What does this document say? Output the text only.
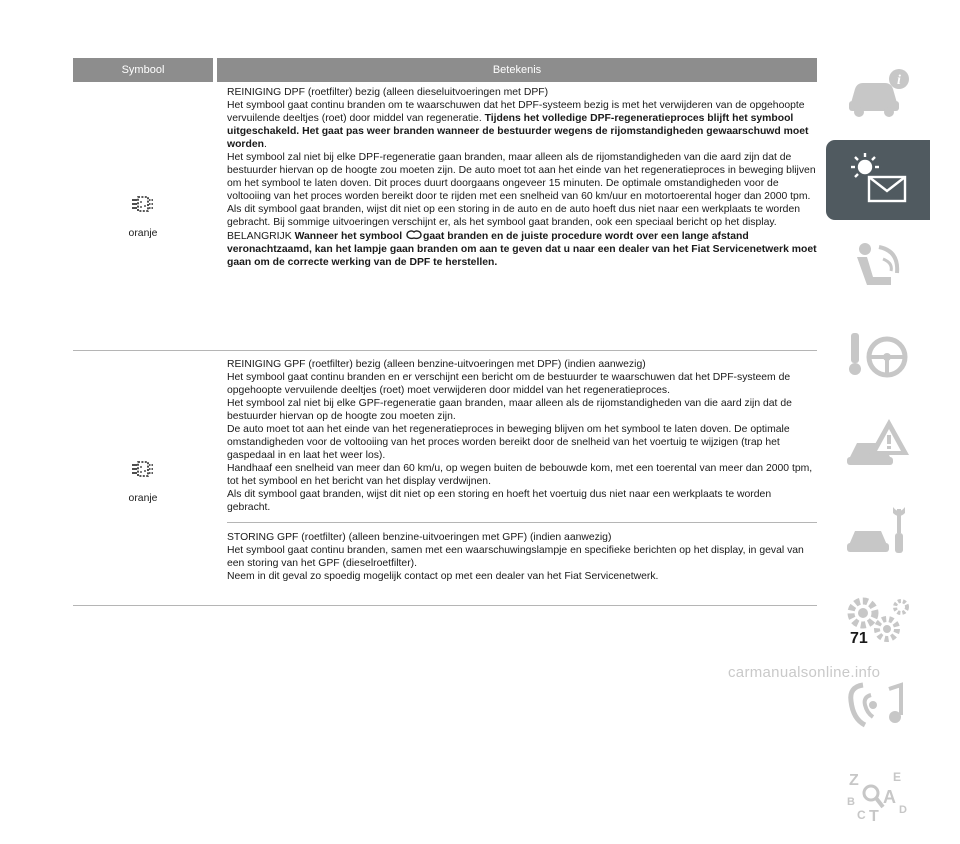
Symbool	Betekenis
oranje

REINIGING DPF (roetfilter) bezig (alleen dieseluitvoeringen met DPF)

Het symbool gaat continu branden om te waarschuwen dat het DPF-systeem bezig is met het verwijderen van de opgehoopte vervuilende deeltjes (roet) door middel van regeneratie. Tijdens het volledige DPF-regeneratieproces blijft het symbool uitgeschakeld. Het gaat pas weer branden wanneer de bestuurder wegens de rijomstandigheden gewaarschuwd moet worden.

Het symbool zal niet bij elke DPF-regeneratie gaan branden, maar alleen als de rijomstandigheden van die aard zijn dat de bestuurder hiervan op de hoogte zou moeten zijn. De auto moet tot aan het einde van het regeneratieproces in beweging blijven om het symbool te laten doven. Dit proces duurt doorgaans ongeveer 15 minuten. De optimale omstandigheden voor de voltooiing van het proces worden bereikt door te rijden met een snelheid van 60 km/uur en motortoerental hoger dan 2000 tpm.

Als dit symbool gaat branden, wijst dit niet op een storing in de auto en de auto hoeft dus niet naar een werkplaats te worden gebracht. Bij sommige uitvoeringen verschijnt er, als het symbool gaat branden, ook een speciaal bericht op het display.

BELANGRIJK Wanneer het symbool gaat branden en de juiste procedure wordt over een lange afstand veronachtzaamd, kan het lampje gaan branden om aan te geven dat u naar een dealer van het Fiat Servicenetwerk moet gaan om de correcte werking van de DPF te herstellen.

oranje

REINIGING GPF (roetfilter) bezig (alleen benzine-uitvoeringen met DPF) (indien aanwezig)

Het symbool gaat continu branden en er verschijnt een bericht om de bestuurder te waarschuwen dat het DPF-systeem de opgehoopte vervuilende deeltjes (roet) moet verwijderen door middel van het regeneratieproces.

Het symbool zal niet bij elke GPF-regeneratie gaan branden, maar alleen als de rijomstandigheden van die aard zijn dat de bestuurder hiervan op de hoogte zou moeten zijn.

De auto moet tot aan het einde van het regeneratieproces in beweging blijven om het symbool te laten doven. De optimale omstandigheden voor de voltooiing van het proces worden bereikt door de snelheid van het voertuig te wijzigen (trap het gaspedaal in en laat het weer los).

Handhaaf een snelheid van meer dan 60 km/u, op wegen buiten de bebouwde kom, met een toerental van meer dan 2000 tpm, tot het symbool en het bericht van het display verdwijnen.

Als dit symbool gaat branden, wijst dit niet op een storing en hoeft het voertuig dus niet naar een werkplaats te worden gebracht.

STORING GPF (roetfilter) (alleen benzine-uitvoeringen met GPF) (indien aanwezig)

Het symbool gaat continu branden, samen met een waarschuwingslampje en specifieke berichten op het display, in geval van een storing van het GPF (dieselroetfilter).

Neem in dit geval zo spoedig mogelijk contact op met een dealer van het Fiat Servicenetwerk.

i
Z	E
B A
C T D
71
carmanualsonline.info
